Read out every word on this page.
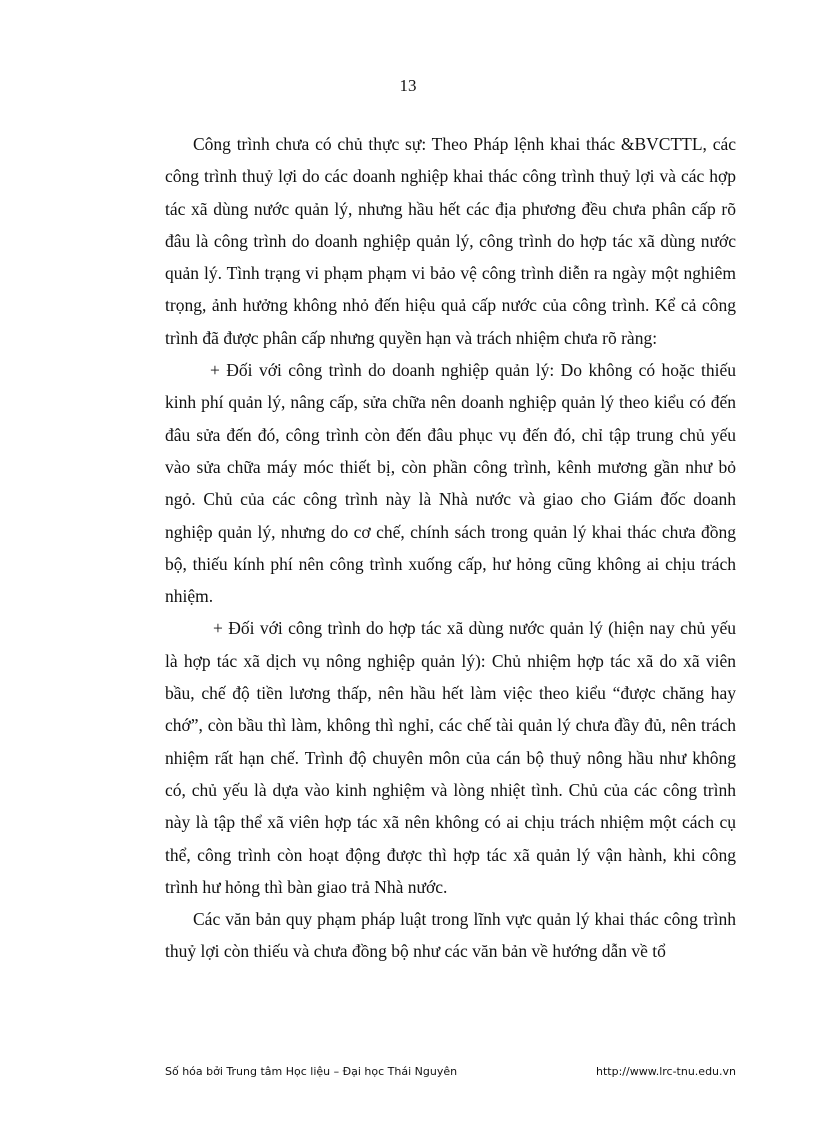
13

Công trình chưa có chủ thực sự: Theo Pháp lệnh khai thác &BVCTTL, các công trình thuỷ lợi do các doanh nghiệp khai thác công trình thuỷ lợi và các hợp tác xã dùng nước quản lý, nhưng hầu hết các địa phương đều chưa phân cấp rõ đâu là công trình do doanh nghiệp quản lý, công trình do hợp tác xã dùng nước quản lý. Tình trạng vi phạm phạm vi bảo vệ công trình diễn ra ngày một nghiêm trọng, ảnh hưởng không nhỏ đến hiệu quả cấp nước của công trình. Kể cả công trình đã được phân cấp nhưng quyền hạn và trách nhiệm chưa rõ ràng:

+ Đối với công trình do doanh nghiệp quản lý: Do không có hoặc thiếu kinh phí quản lý, nâng cấp, sửa chữa nên doanh nghiệp quản lý theo kiểu có đến đâu sửa đến đó, công trình còn đến đâu phục vụ đến đó, chỉ tập trung chủ yếu vào sửa chữa máy móc thiết bị, còn phần công trình, kênh mương gần như bỏ ngỏ. Chủ của các công trình này là Nhà nước và giao cho Giám đốc doanh nghiệp quản lý, nhưng do cơ chế, chính sách trong quản lý khai thác chưa đồng bộ, thiếu kính phí nên công trình xuống cấp, hư hỏng cũng không ai chịu trách nhiệm.

+ Đối với công trình do hợp tác xã dùng nước quản lý (hiện nay chủ yếu là hợp tác xã dịch vụ nông nghiệp quản lý): Chủ nhiệm hợp tác xã do xã viên bầu, chế độ tiền lương thấp, nên hầu hết làm việc theo kiểu “được chăng hay chớ”, còn bầu thì làm, không thì nghỉ, các chế tài quản lý chưa đầy đủ, nên trách nhiệm rất hạn chế. Trình độ chuyên môn của cán bộ thuỷ nông hầu như không có, chủ yếu là dựa vào kinh nghiệm và lòng nhiệt tình. Chủ của các công trình này là tập thể xã viên hợp tác xã nên không có ai chịu trách nhiệm một cách cụ thể, công trình còn hoạt động được thì hợp tác xã quản lý vận hành, khi công trình hư hỏng thì bàn giao trả Nhà nước.

Các văn bản quy phạm pháp luật trong lĩnh vực quản lý khai thác công trình thuỷ lợi còn thiếu và chưa đồng bộ như các văn bản về hướng dẫn về tổ

Số hóa bởi Trung tâm Học liệu – Đại học Thái Nguyên	http://www.lrc-tnu.edu.vn
